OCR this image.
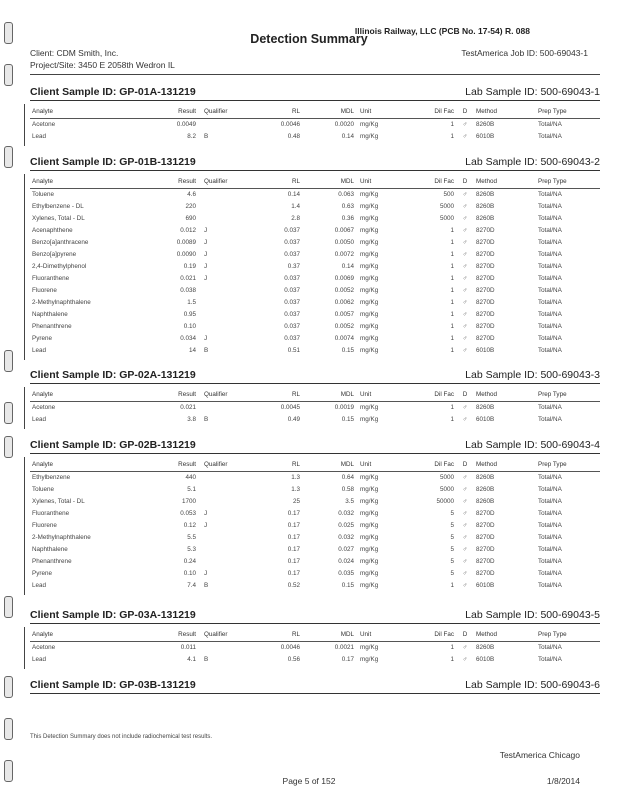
Illinois Railway, LLC (PCB No. 17-54) R. 088
Detection Summary
Client: CDM Smith, Inc.
Project/Site: 3450 E 2058th Wedron IL
TestAmerica Job ID: 500-69043-1
Client Sample ID: GP-01A-131219	Lab Sample ID: 500-69043-1
Analyte	Result	Qualifier	RL	MDL	Unit	Dil Fac	D	Method	Prep Type
Acetone	0.0049		0.0046	0.0020	mg/Kg	1	♂	8260B	Total/NA
Lead	8.2	B	0.48	0.14	mg/Kg	1	♂	6010B	Total/NA
Client Sample ID: GP-01B-131219	Lab Sample ID: 500-69043-2
Analyte	Result	Qualifier	RL	MDL	Unit	Dil Fac	D	Method	Prep Type
Toluene	4.6		0.14	0.063	mg/Kg	500	♂	8260B	Total/NA
Ethylbenzene - DL	220		1.4	0.63	mg/Kg	5000	♂	8260B	Total/NA
Xylenes, Total - DL	690		2.8	0.36	mg/Kg	5000	♂	8260B	Total/NA
Acenaphthene	0.012	J	0.037	0.0067	mg/Kg	1	♂	8270D	Total/NA
Benzo[a]anthracene	0.0089	J	0.037	0.0050	mg/Kg	1	♂	8270D	Total/NA
Benzo[a]pyrene	0.0090	J	0.037	0.0072	mg/Kg	1	♂	8270D	Total/NA
2,4-Dimethylphenol	0.19	J	0.37	0.14	mg/Kg	1	♂	8270D	Total/NA
Fluoranthene	0.021	J	0.037	0.0069	mg/Kg	1	♂	8270D	Total/NA
Fluorene	0.038		0.037	0.0052	mg/Kg	1	♂	8270D	Total/NA
2-Methylnaphthalene	1.5		0.037	0.0062	mg/Kg	1	♂	8270D	Total/NA
Naphthalene	0.95		0.037	0.0057	mg/Kg	1	♂	8270D	Total/NA
Phenanthrene	0.10		0.037	0.0052	mg/Kg	1	♂	8270D	Total/NA
Pyrene	0.034	J	0.037	0.0074	mg/Kg	1	♂	8270D	Total/NA
Lead	14	B	0.51	0.15	mg/Kg	1	♂	6010B	Total/NA
Client Sample ID: GP-02A-131219	Lab Sample ID: 500-69043-3
Analyte	Result	Qualifier	RL	MDL	Unit	Dil Fac	D	Method	Prep Type
Acetone	0.021		0.0045	0.0019	mg/Kg	1	♂	8260B	Total/NA
Lead	3.8	B	0.49	0.15	mg/Kg	1	♂	6010B	Total/NA
Client Sample ID: GP-02B-131219	Lab Sample ID: 500-69043-4
Analyte	Result	Qualifier	RL	MDL	Unit	Dil Fac	D	Method	Prep Type
Ethylbenzene	440		1.3	0.64	mg/Kg	5000	♂	8260B	Total/NA
Toluene	5.1		1.3	0.58	mg/Kg	5000	♂	8260B	Total/NA
Xylenes, Total - DL	1700		25	3.5	mg/Kg	50000	♂	8260B	Total/NA
Fluoranthene	0.053	J	0.17	0.032	mg/Kg	5	♂	8270D	Total/NA
Fluorene	0.12	J	0.17	0.025	mg/Kg	5	♂	8270D	Total/NA
2-Methylnaphthalene	5.5		0.17	0.032	mg/Kg	5	♂	8270D	Total/NA
Naphthalene	5.3		0.17	0.027	mg/Kg	5	♂	8270D	Total/NA
Phenanthrene	0.24		0.17	0.024	mg/Kg	5	♂	8270D	Total/NA
Pyrene	0.10	J	0.17	0.035	mg/Kg	5	♂	8270D	Total/NA
Lead	7.4	B	0.52	0.15	mg/Kg	1	♂	6010B	Total/NA
Client Sample ID: GP-03A-131219	Lab Sample ID: 500-69043-5
Analyte	Result	Qualifier	RL	MDL	Unit	Dil Fac	D	Method	Prep Type
Acetone	0.011		0.0046	0.0021	mg/Kg	1	♂	8260B	Total/NA
Lead	4.1	B	0.56	0.17	mg/Kg	1	♂	6010B	Total/NA
Client Sample ID: GP-03B-131219	Lab Sample ID: 500-69043-6
This Detection Summary does not include radiochemical test results.
TestAmerica Chicago
Page 5 of 152	1/8/2014
